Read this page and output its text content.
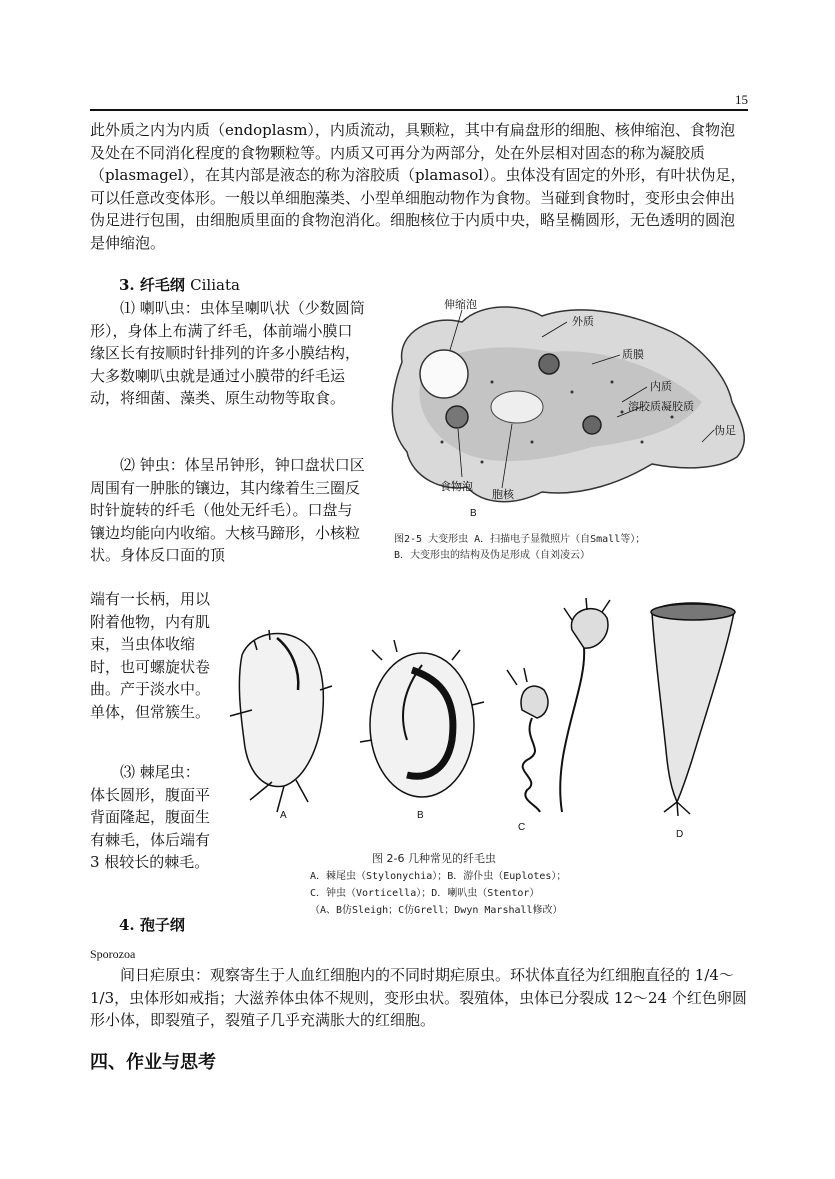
15

此外质之内为内质（endoplasm），内质流动，具颗粒，其中有扁盘形的细胞、核伸缩泡、食物泡及处在不同消化程度的食物颗粒等。内质又可再分为两部分，处在外层相对固态的称为凝胶质（plasmagel），在其内部是液态的称为溶胶质（plamasol）。虫体没有固定的外形，有叶状伪足，可以任意改变体形。一般以单细胞藻类、小型单细胞动物作为食物。当碰到食物时，变形虫会伸出伪足进行包围，由细胞质里面的食物泡消化。细胞核位于内质中央，略呈椭圆形，无色透明的圆泡是伸缩泡。

3. 纤毛纲 Ciliata

⑴ 喇叭虫：虫体呈喇叭状（少数圆筒形），身体上布满了纤毛，体前端小膜口缘区长有按顺时针排列的许多小膜结构，大多数喇叭虫就是通过小膜带的纤毛运动，将细菌、藻类、原生动物等取食。

⑵ 钟虫：体呈吊钟形，钟口盘状口区周围有一肿胀的镶边，其内缘着生三圈反时针旋转的纤毛（他处无纤毛）。口盘与镶边均能向内收缩。大核马蹄形，小核粒状。身体反口面的顶

端有一长柄，用以附着他物，内有肌束，当虫体收缩时，也可螺旋状卷曲。产于淡水中。单体，但常簇生。

⑶ 棘尾虫：体长圆形，腹面平背面隆起，腹面生有棘毛，体后端有 3 根较长的棘毛。

4. 孢子纲
Sporozoa

间日疟原虫：观察寄生于人血红细胞内的不同时期疟原虫。环状体直径为红细胞直径的 1/4～1/3，虫体形如戒指；大滋养体虫体不规则，变形虫状。裂殖体，虫体已分裂成 12～24 个红色卵圆形小体，即裂殖子，裂殖子几乎充满胀大的红细胞。

四、作业与思考
伸缩泡
外质
质膜
内质
溶胶质凝胶质
伪足
食物泡
胞核
B
图2-5 大变形虫 A．扫描电子显微照片（自Small等）；
B．大变形虫的结构及伪足形成（自刘凌云）
A	B
C
D
图 2-6 几种常见的纤毛虫
A．棘尾虫（Stylonychia）；B．游仆虫（Euplotes）；
C．钟虫（Vorticella）；D．喇叭虫（Stentor）
（A、B仿Sleigh；C仿Grell；Dwyn Marshall修改）
